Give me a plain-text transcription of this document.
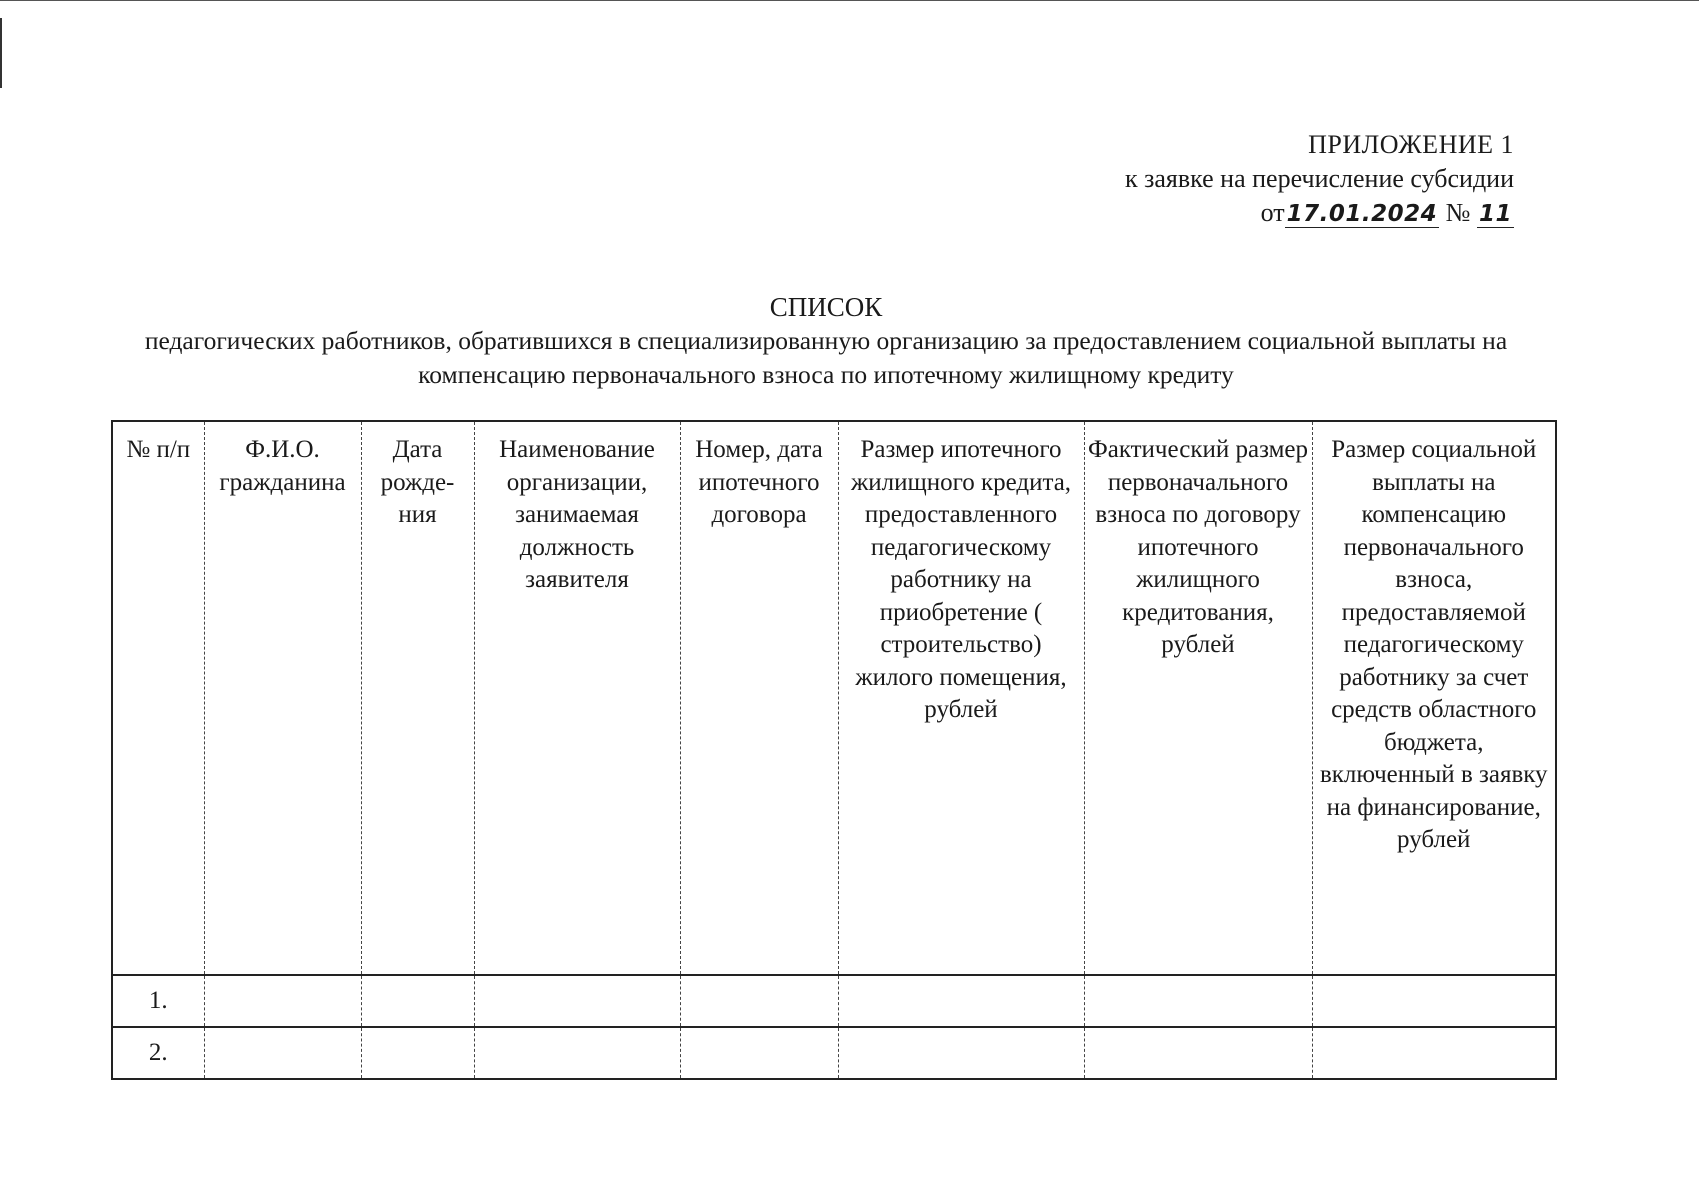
ПРИЛОЖЕНИЕ 1
к заявке на перечисление субсидии
от17.01.2024 № 11
СПИСОК
педагогических работников, обратившихся в специализированную организацию за предоставлением социальной выплаты на компенсацию первоначального взноса по ипотечному жилищному кредиту
№ п/п	Ф.И.О. гражданина	Дата рожде-ния	Наименование организации, занимаемая должность заявителя	Номер, дата ипотечного договора	Размер ипотечного жилищного кредита, предоставленного педагогическому работнику на приобретение ( строительство) жилого помещения, рублей	Фактический размер первоначального взноса по договору ипотечного жилищного кредитования, рублей	Размер социальной выплаты на компенсацию первоначального взноса, предоставляемой педагогическому работнику за счет средств областного бюджета, включенный в заявку на финансирование, рублей

1.							
2.							
